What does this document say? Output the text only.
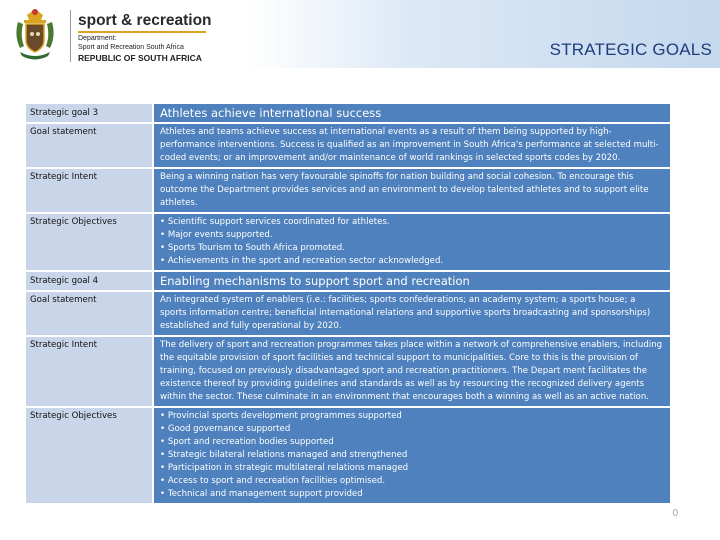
sport & recreation
Department:
Sport and Recreation South Africa
REPUBLIC OF SOUTH AFRICA	STRATEGIC GOALS
Strategic goal 3	Athletes achieve international success
Goal statement	Athletes and teams achieve success at international events as a result of them being supported by high-performance interventions. Success is qualified as an improvement in South Africa's performance at selected multi-coded events; or an improvement and/or maintenance of world rankings in selected sports codes by 2020.
Strategic Intent	Being a winning nation has very favourable spinoffs for nation building and social cohesion. To encourage this outcome the Department provides services and an environment to develop talented athletes and to support elite athletes.
Strategic Objectives	• Scientific support services coordinated for athletes.
• Major events supported.
• Sports Tourism to South Africa promoted.
• Achievements in the sport and recreation sector acknowledged.
Strategic goal 4	Enabling mechanisms to support sport and recreation
Goal statement	An integrated system of enablers (i.e.: facilities; sports confederations; an academy system; a sports house; a sports information centre; beneficial international relations and supportive sports broadcasting and sponsorships) established and fully operational by 2020.
Strategic Intent	The delivery of sport and recreation programmes takes place within a network of comprehensive enablers, including the equitable provision of sport facilities and technical support to municipalities. Core to this is the provision of training, focused on previously disadvantaged sport and recreation practitioners. The Depart ment facilitates the existence thereof by providing guidelines and standards as well as by resourcing the recognized delivery agents within the sector. These culminate in an environment that encourages both a winning as well as an active nation.
Strategic Objectives	• Provincial sports development programmes supported
• Good governance supported
• Sport and recreation bodies supported
• Strategic bilateral relations managed and strengthened
• Participation in strategic multilateral relations managed
• Access to sport and recreation facilities optimised.
• Technical and management support provided
0
